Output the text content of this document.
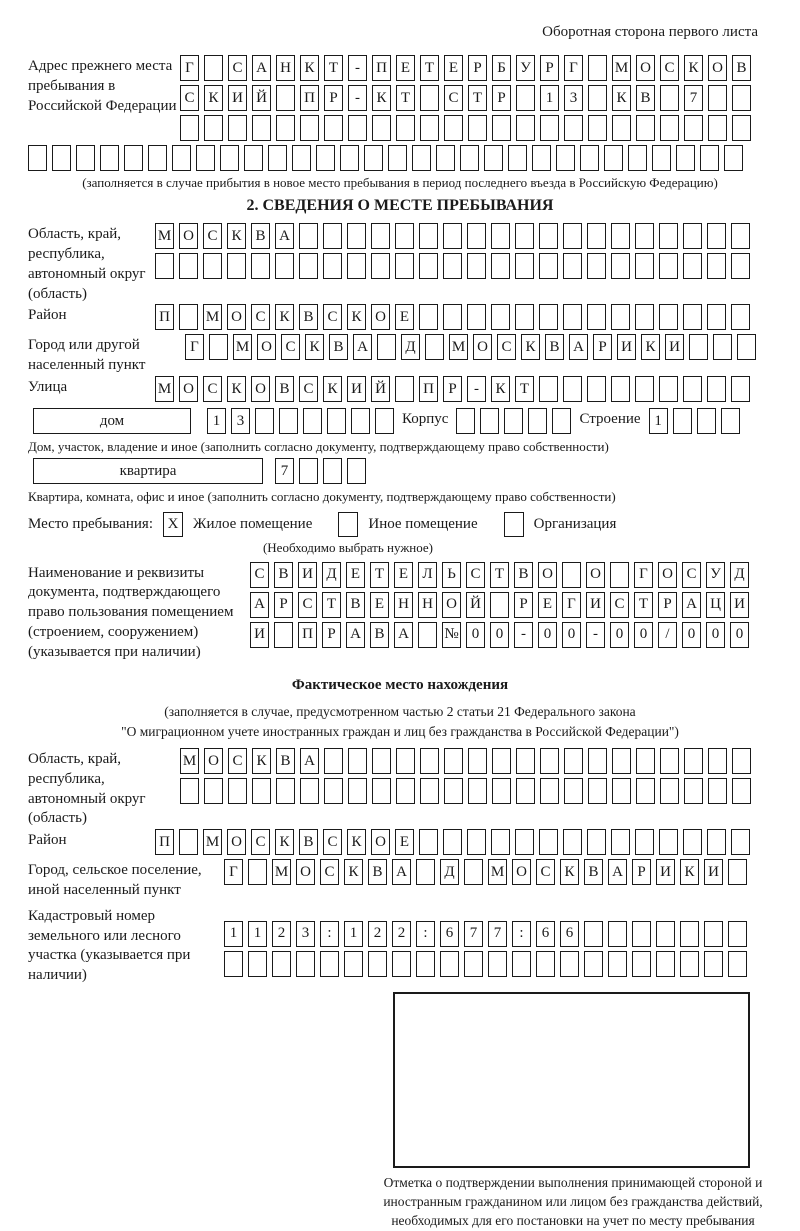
Оборотная сторона первого листа
Адрес прежнего места пребывания в Российской Федерации
Г	С А Н К Т	-	П Е Т Е	Р	Б У Р	Г	М О С К О В
С К И Й П Р	-	К Т	С Т	Р	1	3	К В	7
(заполняется в случае прибытия в новое место пребывания в период последнего въезда в Российскую Федерацию)
2. СВЕДЕНИЯ О МЕСТЕ ПРЕБЫВАНИЯ
Область, край, республика, автономный округ (область)
М О С К В А
Район	П М О С К В С К О Е
Город или другой населенный пункт
Г	М О С К В А Д М О С К В А Р И К И
Улица	М О С К О В С К И Й П Р	-	К Т
дом	1	3	Корпус	Строение 1
Дом, участок, владение и иное (заполнить согласно документу, подтверждающему право собственности)
квартира	7
Квартира, комната, офис и иное (заполнить согласно документу, подтверждающему право собственности)
Место пребывания: X Жилое помещение	Иное помещение	Организация
(Необходимо выбрать нужное)
Наименование и реквизиты документа, подтверждающего право пользования помещением (строением, сооружением) (указывается при наличии)
С В И Д Е Т Е Л Ь С Т В О О	Г О С У Д
А Р С Т В Е Н Н О Й	Р	Е	Г И С Т	Р А Ц И
И П Р А В А № 0	0	-	0	0	-	0	0	/	0	0	0
Фактическое место нахождения
(заполняется в случае, предусмотренном частью 2 статьи 21 Федерального закона
"О миграционном учете иностранных граждан и лиц без гражданства в Российской Федерации")
Область, край, республика, автономный округ (область)
М О С К В А
Район	П М О С К В С К О Е
Город, сельское поселение, иной населенный пункт
Г	М О С К В А Д М О С К В А Р И К И
Кадастровый номер земельного или лесного участка (указывается при наличии)
1	1	2	3	:	1	2	2	:	6	7	7	:	6	6
Отметка о подтверждении выполнения принимающей стороной и иностранным гражданином или лицом без гражданства действий, необходимых для его постановки на учет по месту пребывания
